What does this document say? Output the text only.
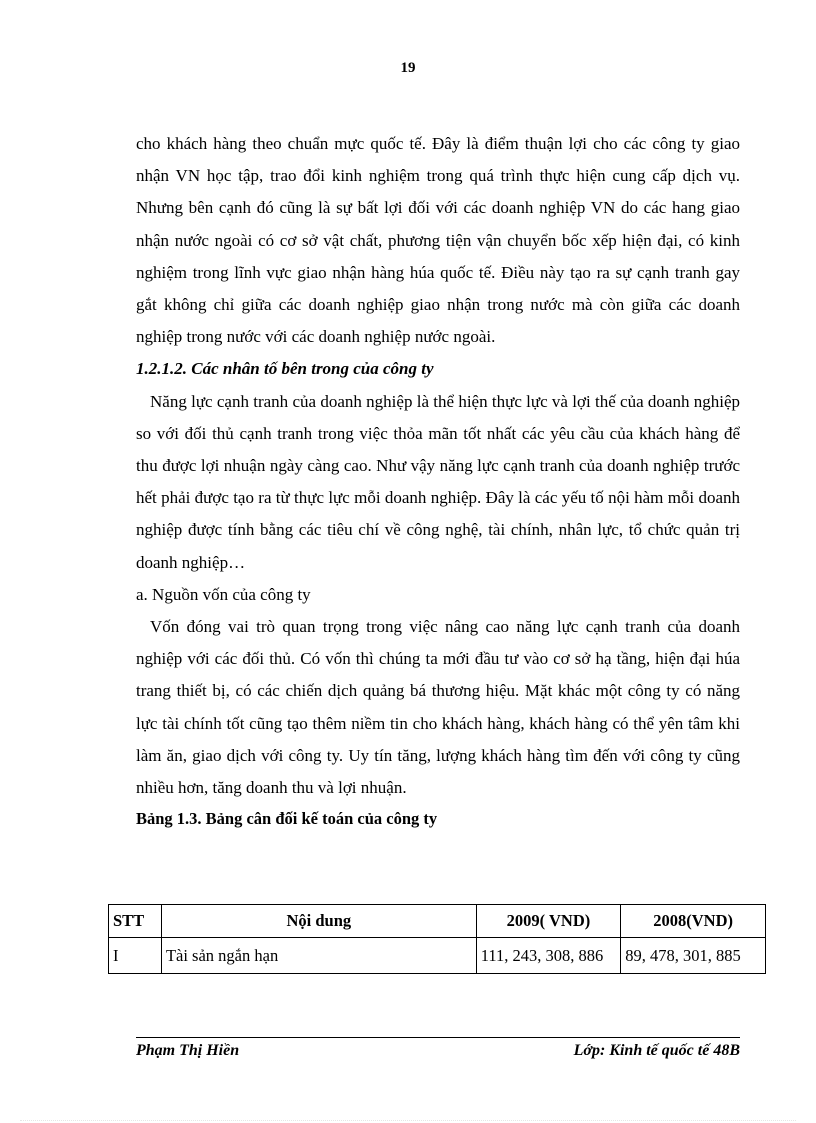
19

cho khách hàng theo chuẩn mực quốc tế. Đây là điểm thuận lợi cho các công ty giao nhận VN học tập, trao đổi kinh nghiệm trong quá trình thực hiện cung cấp dịch vụ. Nhưng bên cạnh đó cũng là sự bất lợi đối với các doanh nghiệp VN do các hang giao nhận nước ngoài có cơ sở vật chất, phương tiện vận chuyển bốc xếp hiện đại, có kinh nghiệm trong lĩnh vực giao nhận hàng húa quốc tế. Điều này tạo ra sự cạnh tranh gay gắt không chỉ giữa các doanh nghiệp giao nhận trong nước mà còn giữa các doanh nghiệp trong nước với các doanh nghiệp nước ngoài.

1.2.1.2. Các nhân tố bên trong của công ty

Năng lực cạnh tranh của doanh nghiệp là thể hiện thực lực và lợi thế của doanh nghiệp so với đối thủ cạnh tranh trong việc thỏa mãn tốt nhất các yêu cầu của khách hàng để thu được lợi nhuận ngày càng cao. Như vậy năng lực cạnh tranh của doanh nghiệp trước hết phải được tạo ra từ thực lực mỗi doanh nghiệp. Đây là các yếu tố nội hàm mỗi doanh nghiệp được tính bằng các tiêu chí về công nghệ, tài chính, nhân lực, tổ chức quản trị doanh nghiệp…

a. Nguồn vốn của công ty

Vốn đóng vai trò quan trọng trong việc nâng cao năng lực cạnh tranh của doanh nghiệp với các đối thủ. Có vốn thì chúng ta mới đầu tư vào cơ sở hạ tầng, hiện đại húa trang thiết bị, có các chiến dịch quảng bá thương hiệu. Mặt khác một công ty có năng lực tài chính tốt cũng tạo thêm niềm tin cho khách hàng, khách hàng có thể yên tâm khi làm ăn, giao dịch với công ty. Uy tín tăng, lượng khách hàng tìm đến với công ty cũng nhiều hơn, tăng doanh thu và lợi nhuận.

Bảng 1.3. Bảng cân đối kế toán của công ty

STT	Nội dung	2009( VND)	2008(VND)
I	Tài sản ngắn hạn	111, 243, 308, 886	89, 478, 301, 885
Phạm Thị Hiền	Lớp: Kinh tế quốc tế 48B
